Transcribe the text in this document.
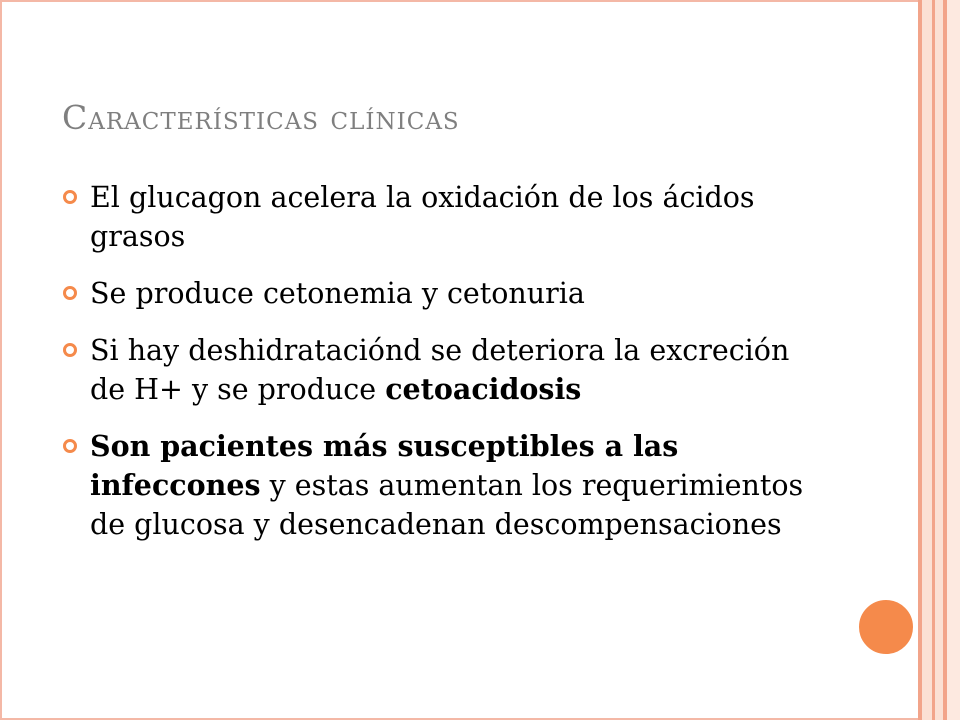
Características clínicas
El glucagon acelera la oxidación de los ácidos grasos
Se produce cetonemia y cetonuria
Si hay deshidrataciónd se deteriora la excreción de H+ y se produce cetoacidosis
Son pacientes más susceptibles a las infeccones y estas aumentan los requerimientos de glucosa y desencadenan descompensaciones
